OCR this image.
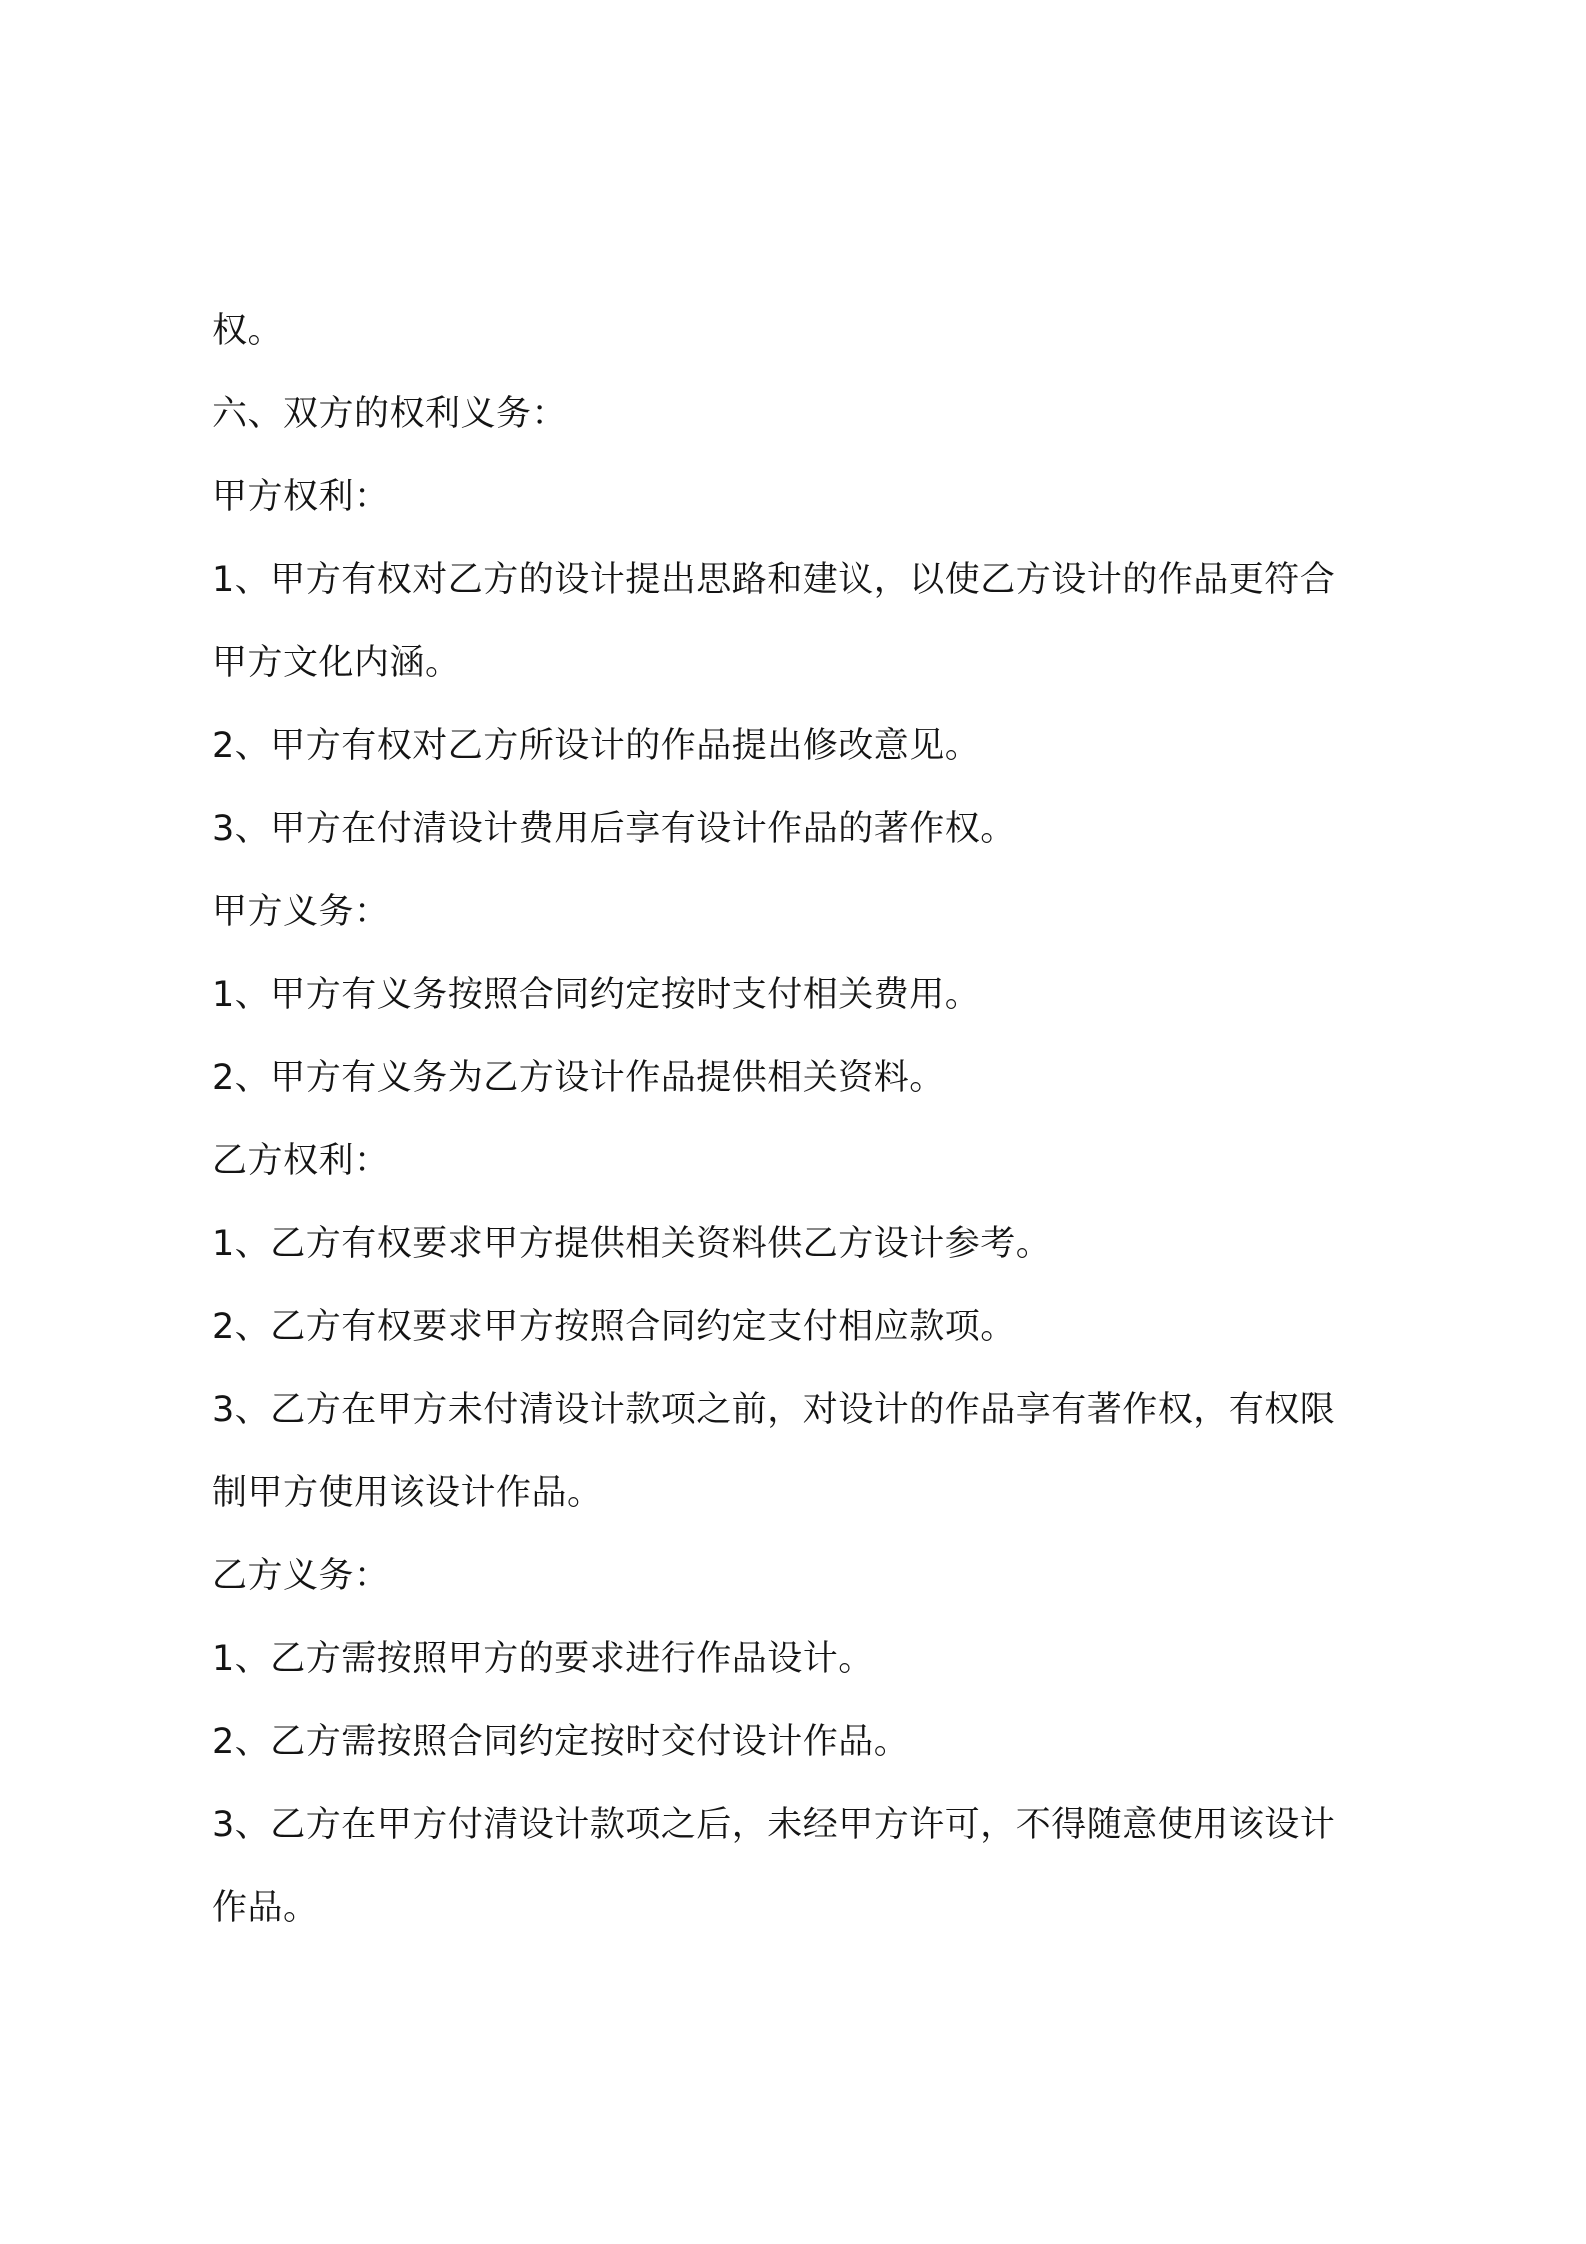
权。
六、双方的权利义务：
甲方权利：
1、甲方有权对乙方的设计提出思路和建议，以使乙方设计的作品更符合
甲方文化内涵。
2、甲方有权对乙方所设计的作品提出修改意见。
3、甲方在付清设计费用后享有设计作品的著作权。
甲方义务：
1、甲方有义务按照合同约定按时支付相关费用。
2、甲方有义务为乙方设计作品提供相关资料。
乙方权利：
1、乙方有权要求甲方提供相关资料供乙方设计参考。
2、乙方有权要求甲方按照合同约定支付相应款项。
3、乙方在甲方未付清设计款项之前，对设计的作品享有著作权，有权限
制甲方使用该设计作品。
乙方义务：
1、乙方需按照甲方的要求进行作品设计。
2、乙方需按照合同约定按时交付设计作品。
3、乙方在甲方付清设计款项之后，未经甲方许可，不得随意使用该设计
作品。
